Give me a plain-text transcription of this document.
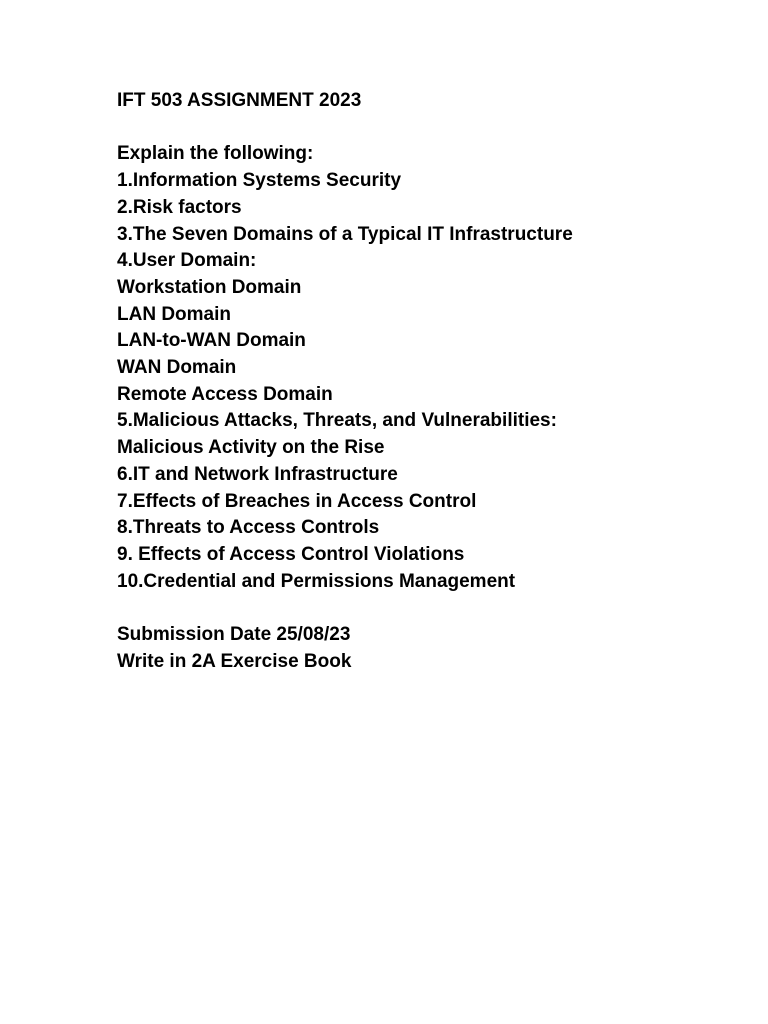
IFT 503 ASSIGNMENT 2023
Explain the following:
1.Information Systems Security
2.Risk factors
3.The Seven Domains of a Typical IT Infrastructure
4.User Domain:
Workstation Domain
LAN Domain
LAN-to-WAN Domain
WAN Domain
Remote Access Domain
5.Malicious Attacks, Threats, and Vulnerabilities:
Malicious Activity on the Rise
6.IT and Network Infrastructure
7.Effects of Breaches in Access Control
8.Threats to Access Controls
9. Effects of Access Control Violations
10.Credential and Permissions Management
Submission Date 25/08/23
Write in 2A Exercise Book
